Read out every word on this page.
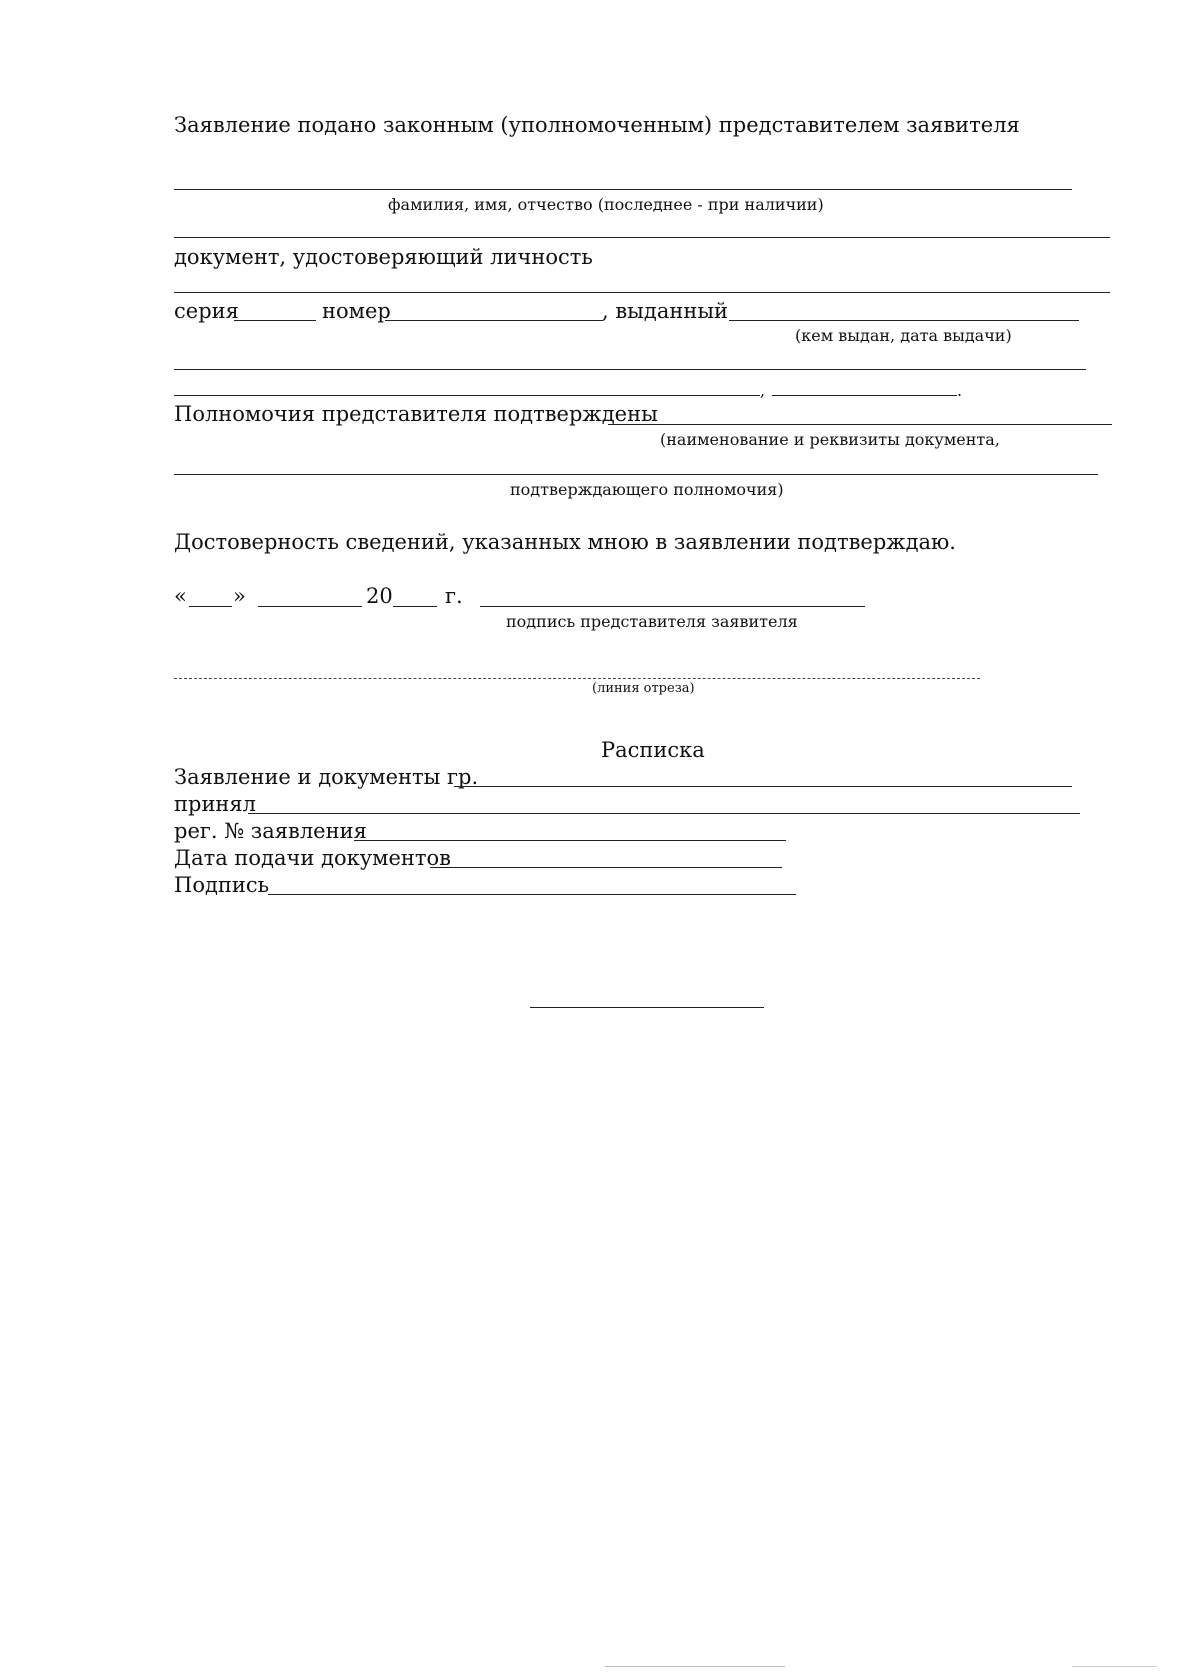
Заявление подано законным (уполномоченным) представителем заявителя
фамилия, имя, отчество (последнее - при наличии)
документ, удостоверяющий личность
серия	номер	, выданный
(кем выдан, дата выдачи)
,	.
Полномочия представителя подтверждены
(наименование и реквизиты документа,
подтверждающего полномочия)
Достоверность сведений, указанных мною в заявлении подтверждаю.
« »	20 г.
подпись представителя заявителя
(линия отреза)
Расписка
Заявление и документы гр.
принял
рег. № заявления
Дата подачи документов
Подпись
